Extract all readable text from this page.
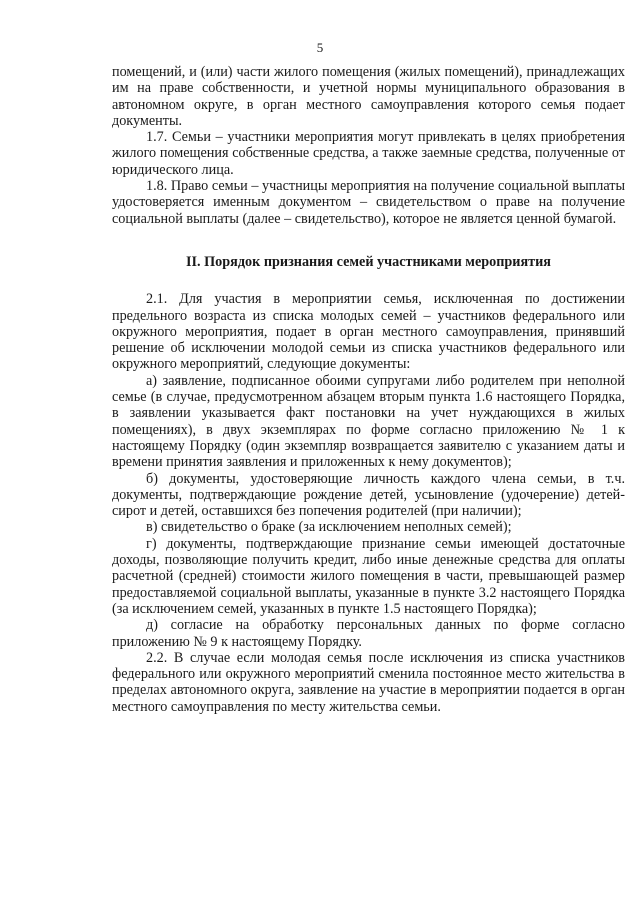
5

помещений, и (или) части жилого помещения (жилых помещений), принадлежащих им на праве собственности, и учетной нормы муниципального образования в автономном округе, в орган местного самоуправления которого семья подает документы.

1.7. Семьи – участники мероприятия могут привлекать в целях приобретения жилого помещения собственные средства, а также заемные средства, полученные от юридического лица.

1.8. Право семьи – участницы мероприятия на получение социальной выплаты удостоверяется именным документом – свидетельством о праве на получение социальной выплаты (далее – свидетельство), которое не является ценной бумагой.

II. Порядок признания семей участниками мероприятия

2.1. Для участия в мероприятии семья, исключенная по достижении предельного возраста из списка молодых семей – участников федерального или окружного мероприятия, подает в орган местного самоуправления, принявший решение об исключении молодой семьи из списка участников федерального или окружного мероприятий, следующие документы:

а) заявление, подписанное обоими супругами либо родителем при неполной семье (в случае, предусмотренном абзацем вторым пункта 1.6 настоящего Порядка, в заявлении указывается факт постановки на учет нуждающихся в жилых помещениях), в двух экземплярах по форме согласно приложению № 1 к настоящему Порядку (один экземпляр возвращается заявителю с указанием даты и времени принятия заявления и приложенных к нему документов);

б) документы, удостоверяющие личность каждого члена семьи, в т.ч. документы, подтверждающие рождение детей, усыновление (удочерение) детей-сирот и детей, оставшихся без попечения родителей (при наличии);

в) свидетельство о браке (за исключением неполных семей);

г) документы, подтверждающие признание семьи имеющей достаточные доходы, позволяющие получить кредит, либо иные денежные средства для оплаты расчетной (средней) стоимости жилого помещения в части, превышающей размер предоставляемой социальной выплаты, указанные в пункте 3.2 настоящего Порядка (за исключением семей, указанных в пункте 1.5 настоящего Порядка);

д) согласие на обработку персональных данных по форме согласно приложению № 9 к настоящему Порядку.

2.2. В случае если молодая семья после исключения из списка участников федерального или окружного мероприятий сменила постоянное место жительства в пределах автономного округа, заявление на участие в мероприятии подается в орган местного самоуправления по месту жительства семьи.
